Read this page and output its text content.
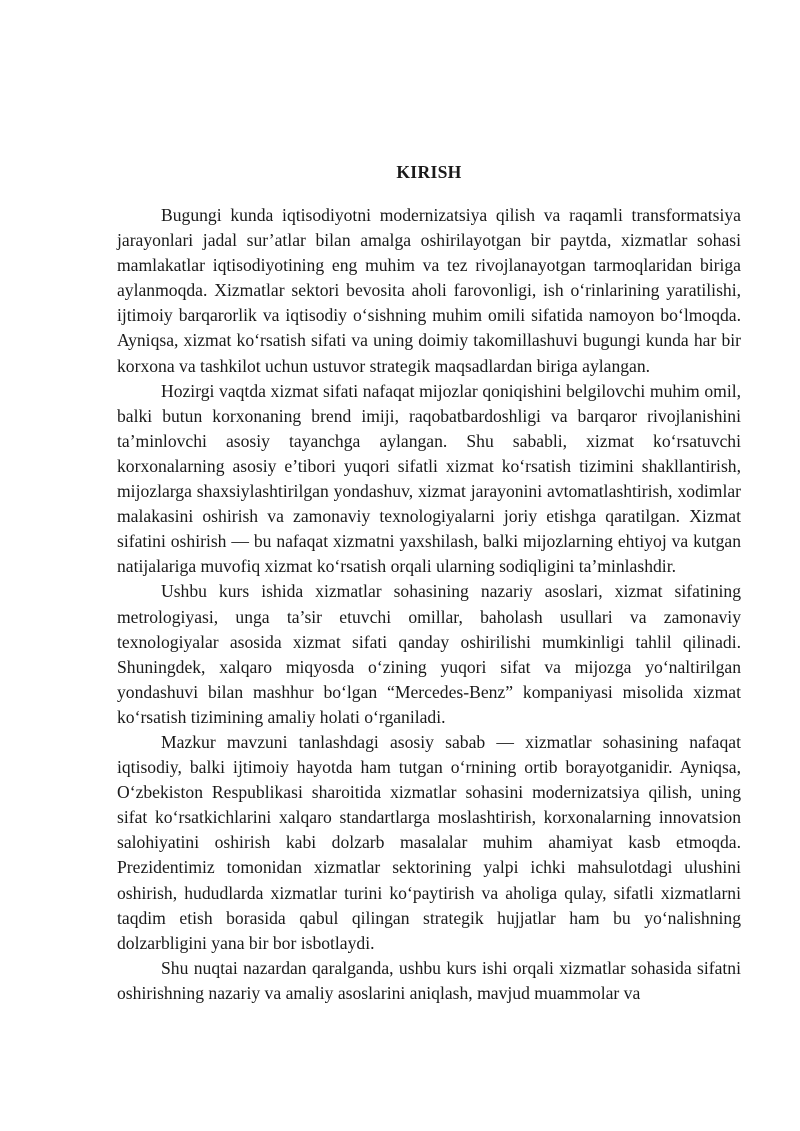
KIRISH

Bugungi kunda iqtisodiyotni modernizatsiya qilish va raqamli transformatsiya jarayonlari jadal sur’atlar bilan amalga oshirilayotgan bir paytda, xizmatlar sohasi mamlakatlar iqtisodiyotining eng muhim va tez rivojlanayotgan tarmoqlaridan biriga aylanmoqda. Xizmatlar sektori bevosita aholi farovonligi, ish o‘rinlarining yaratilishi, ijtimoiy barqarorlik va iqtisodiy o‘sishning muhim omili sifatida namoyon bo‘lmoqda. Ayniqsa, xizmat ko‘rsatish sifati va uning doimiy takomillashuvi bugungi kunda har bir korxona va tashkilot uchun ustuvor strategik maqsadlardan biriga aylangan.

Hozirgi vaqtda xizmat sifati nafaqat mijozlar qoniqishini belgilovchi muhim omil, balki butun korxonaning brend imiji, raqobatbardoshligi va barqaror rivojlanishini ta’minlovchi asosiy tayanchga aylangan. Shu sababli, xizmat ko‘rsatuvchi korxonalarning asosiy e’tibori yuqori sifatli xizmat ko‘rsatish tizimini shakllantirish, mijozlarga shaxsiylashtirilgan yondashuv, xizmat jarayonini avtomatlashtirish, xodimlar malakasini oshirish va zamonaviy texnologiyalarni joriy etishga qaratilgan. Xizmat sifatini oshirish — bu nafaqat xizmatni yaxshilash, balki mijozlarning ehtiyoj va kutgan natijalariga muvofiq xizmat ko‘rsatish orqali ularning sodiqligini ta’minlashdir.

Ushbu kurs ishida xizmatlar sohasining nazariy asoslari, xizmat sifatining metrologiyasi, unga ta’sir etuvchi omillar, baholash usullari va zamonaviy texnologiyalar asosida xizmat sifati qanday oshirilishi mumkinligi tahlil qilinadi. Shuningdek, xalqaro miqyosda o‘zining yuqori sifat va mijozga yo‘naltirilgan yondashuvi bilan mashhur bo‘lgan “Mercedes-Benz” kompaniyasi misolida xizmat ko‘rsatish tizimining amaliy holati o‘rganiladi.

Mazkur mavzuni tanlashdagi asosiy sabab — xizmatlar sohasining nafaqat iqtisodiy, balki ijtimoiy hayotda ham tutgan o‘rnining ortib borayotganidir. Ayniqsa, O‘zbekiston Respublikasi sharoitida xizmatlar sohasini modernizatsiya qilish, uning sifat ko‘rsatkichlarini xalqaro standartlarga moslashtirish, korxonalarning innovatsion salohiyatini oshirish kabi dolzarb masalalar muhim ahamiyat kasb etmoqda. Prezidentimiz tomonidan xizmatlar sektorining yalpi ichki mahsulotdagi ulushini oshirish, hududlarda xizmatlar turini ko‘paytirish va aholiga qulay, sifatli xizmatlarni taqdim etish borasida qabul qilingan strategik hujjatlar ham bu yo‘nalishning dolzarbligini yana bir bor isbotlaydi.

Shu nuqtai nazardan qaralganda, ushbu kurs ishi orqali xizmatlar sohasida sifatni oshirishning nazariy va amaliy asoslarini aniqlash, mavjud muammolar va
